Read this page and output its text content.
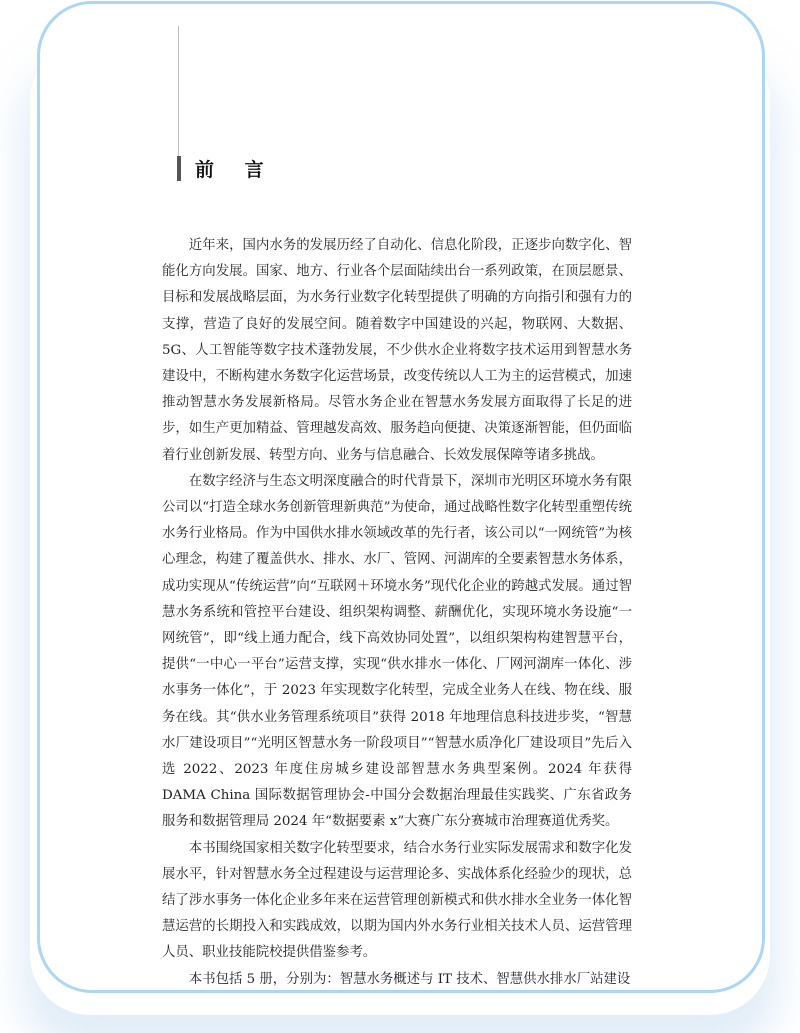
前 言

近年来，国内水务的发展历经了自动化、信息化阶段，正逐步向数字化、智能化方向发展。国家、地方、行业各个层面陆续出台一系列政策，在顶层愿景、目标和发展战略层面，为水务行业数字化转型提供了明确的方向指引和强有力的支撑，营造了良好的发展空间。随着数字中国建设的兴起，物联网、大数据、5G、人工智能等数字技术蓬勃发展，不少供水企业将数字技术运用到智慧水务建设中，不断构建水务数字化运营场景，改变传统以人工为主的运营模式，加速推动智慧水务发展新格局。尽管水务企业在智慧水务发展方面取得了长足的进步，如生产更加精益、管理越发高效、服务趋向便捷、决策逐渐智能，但仍面临着行业创新发展、转型方向、业务与信息融合、长效发展保障等诸多挑战。

在数字经济与生态文明深度融合的时代背景下，深圳市光明区环境水务有限公司以“打造全球水务创新管理新典范”为使命，通过战略性数字化转型重塑传统水务行业格局。作为中国供水排水领域改革的先行者，该公司以“一网统管”为核心理念，构建了覆盖供水、排水、水厂、管网、河湖库的全要素智慧水务体系，成功实现从“传统运营”向“互联网＋环境水务”现代化企业的跨越式发展。通过智慧水务系统和管控平台建设、组织架构调整、薪酬优化，实现环境水务设施“一网统管”，即“线上通力配合，线下高效协同处置”，以组织架构构建智慧平台，提供“一中心一平台”运营支撑，实现“供水排水一体化、厂网河湖库一体化、涉水事务一体化”，于 2023 年实现数字化转型，完成全业务人在线、物在线、服务在线。其“供水业务管理系统项目”获得 2018 年地理信息科技进步奖，“智慧水厂建设项目”“光明区智慧水务一阶段项目”“智慧水质净化厂建设项目”先后入选 2022、2023 年度住房城乡建设部智慧水务典型案例。2024 年获得 DAMA China 国际数据管理协会-中国分会数据治理最佳实践奖、广东省政务服务和数据管理局 2024 年“数据要素 x”大赛广东分赛城市治理赛道优秀奖。

本书围绕国家相关数字化转型要求，结合水务行业实际发展需求和数字化发展水平，针对智慧水务全过程建设与运营理论多、实战体系化经验少的现状，总结了涉水事务一体化企业多年来在运营管理创新模式和供水排水全业务一体化智慧运营的长期投入和实践成效，以期为国内外水务行业相关技术人员、运营管理人员、职业技能院校提供借鉴参考。

本书包括 5 册，分别为：智慧水务概述与 IT 技术、智慧供水排水厂站建设
